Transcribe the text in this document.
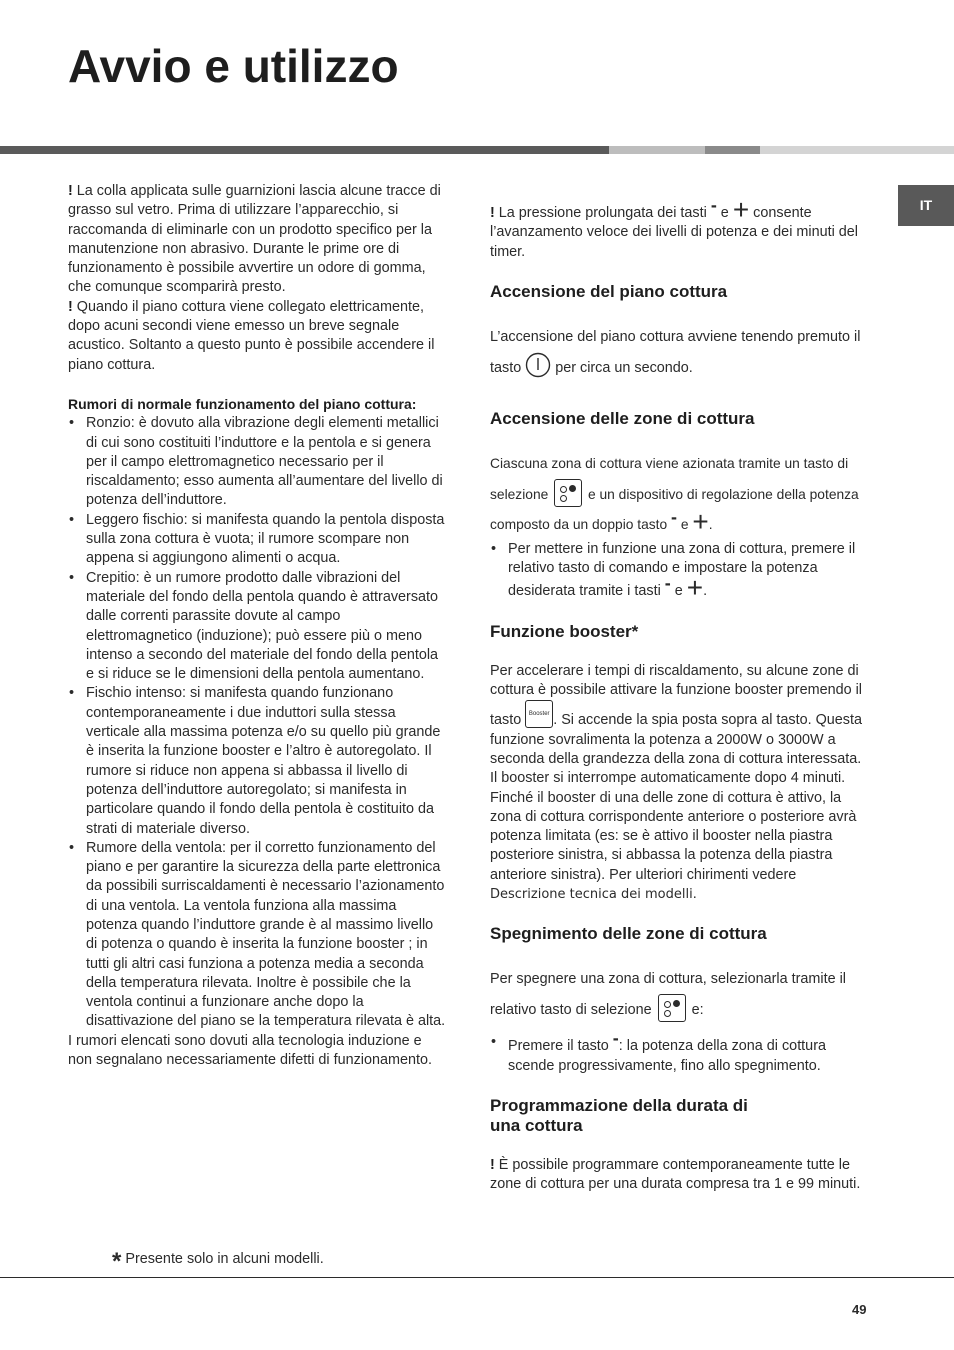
Avvio e utilizzo
IT

! La colla applicata sulle guarnizioni lascia alcune tracce di grasso sul vetro. Prima di utilizzare l’apparecchio, si raccomanda di eliminarle con un prodotto specifico per la manutenzione non abrasivo. Durante le prime ore di funzionamento è possibile avvertire un odore di gomma, che comunque scomparirà presto.

! Quando il piano cottura viene collegato elettricamente, dopo acuni secondi viene emesso un breve segnale acustico. Soltanto a questo punto è possibile accendere il piano cottura.

Rumori di normale funzionamento del piano cottura:

• Ronzio: è dovuto alla vibrazione degli elementi metallici di cui sono costituiti l’induttore e la pentola e si genera per il campo elettromagnetico necessario per il riscaldamento; esso aumenta all’aumentare del livello di potenza dell’induttore.
• Leggero fischio: si manifesta quando la pentola disposta sulla zona cottura è vuota; il rumore scompare non appena si aggiungono alimenti o acqua.
• Crepitio: è un rumore prodotto dalle vibrazioni del materiale del fondo della pentola quando è attraversato dalle correnti parassite dovute al campo elettromagnetico (induzione); può essere più o meno intenso a secondo del materiale del fondo della pentola e si riduce se le dimensioni della pentola aumentano.
• Fischio intenso: si manifesta quando funzionano contemporaneamente i due induttori sulla stessa verticale alla massima potenza e/o su quello più grande è inserita la funzione booster e l’altro è autoregolato. Il rumore si riduce non appena si abbassa il livello di potenza dell’induttore autoregolato; si manifesta in particolare quando il fondo della pentola è costituito da strati di materiale diverso.
• Rumore della ventola: per il corretto funzionamento del piano e per garantire la sicurezza della parte elettronica da possibili surriscaldamenti è necessario l’azionamento di una ventola. La ventola funziona alla massima potenza quando l’induttore grande è al massimo livello di potenza o quando è inserita la funzione booster ; in tutti gli altri casi funziona a potenza media a seconda della temperatura rilevata. Inoltre è possibile che la ventola continui a funzionare anche dopo la disattivazione del piano se la temperatura rilevata è alta.

I rumori elencati sono dovuti alla tecnologia induzione e non segnalano necessariamente difetti di funzionamento.

! La pressione prolungata dei tasti - e + consente l’avanzamento veloce dei livelli di potenza e dei minuti del timer.

Accensione del piano cottura

L’accensione del piano cottura avviene tenendo premuto il tasto  per circa un secondo.

Accensione delle zone di cottura

Ciascuna zona di cottura viene azionata tramite un tasto di selezione
e un dispositivo di regolazione della potenza composto da un doppio tasto - e +.

• Per mettere in funzione una zona di cottura, premere il relativo tasto di comando e impostare la potenza desiderata tramite i tasti - e +.
Funzione booster*

Per accelerare i tempi di riscaldamento, su alcune zone di cottura è possibile attivare la funzione booster premendo il tasto Booster . Si accende la spia posta sopra al tasto. Questa funzione sovralimenta la potenza a 2000W o 3000W a seconda della grandezza della zona di cottura interessata.

Il booster si interrompe automaticamente dopo 4 minuti. Finché il booster di una delle zone di cottura è attivo, la zona di cottura corrispondente anteriore o posteriore avrà potenza limitata (es: se è attivo il booster nella piastra posteriore sinistra, si abbassa la potenza della piastra anteriore sinistra). Per ulteriori chirimenti vedere Descrizione tecnica dei modelli.

Spegnimento delle zone di cottura

Per spegnere una zona di cottura, selezionarla tramite il relativo tasto di selezione
e:

• Premere il tasto -: la potenza della zona di cottura scende progressivamente, fino allo spegnimento.
Programmazione della durata di una cottura

! È possibile programmare contemporaneamente tutte le zone di cottura per una durata compresa tra 1 e 99 minuti.

* Presente solo in alcuni modelli.
49
